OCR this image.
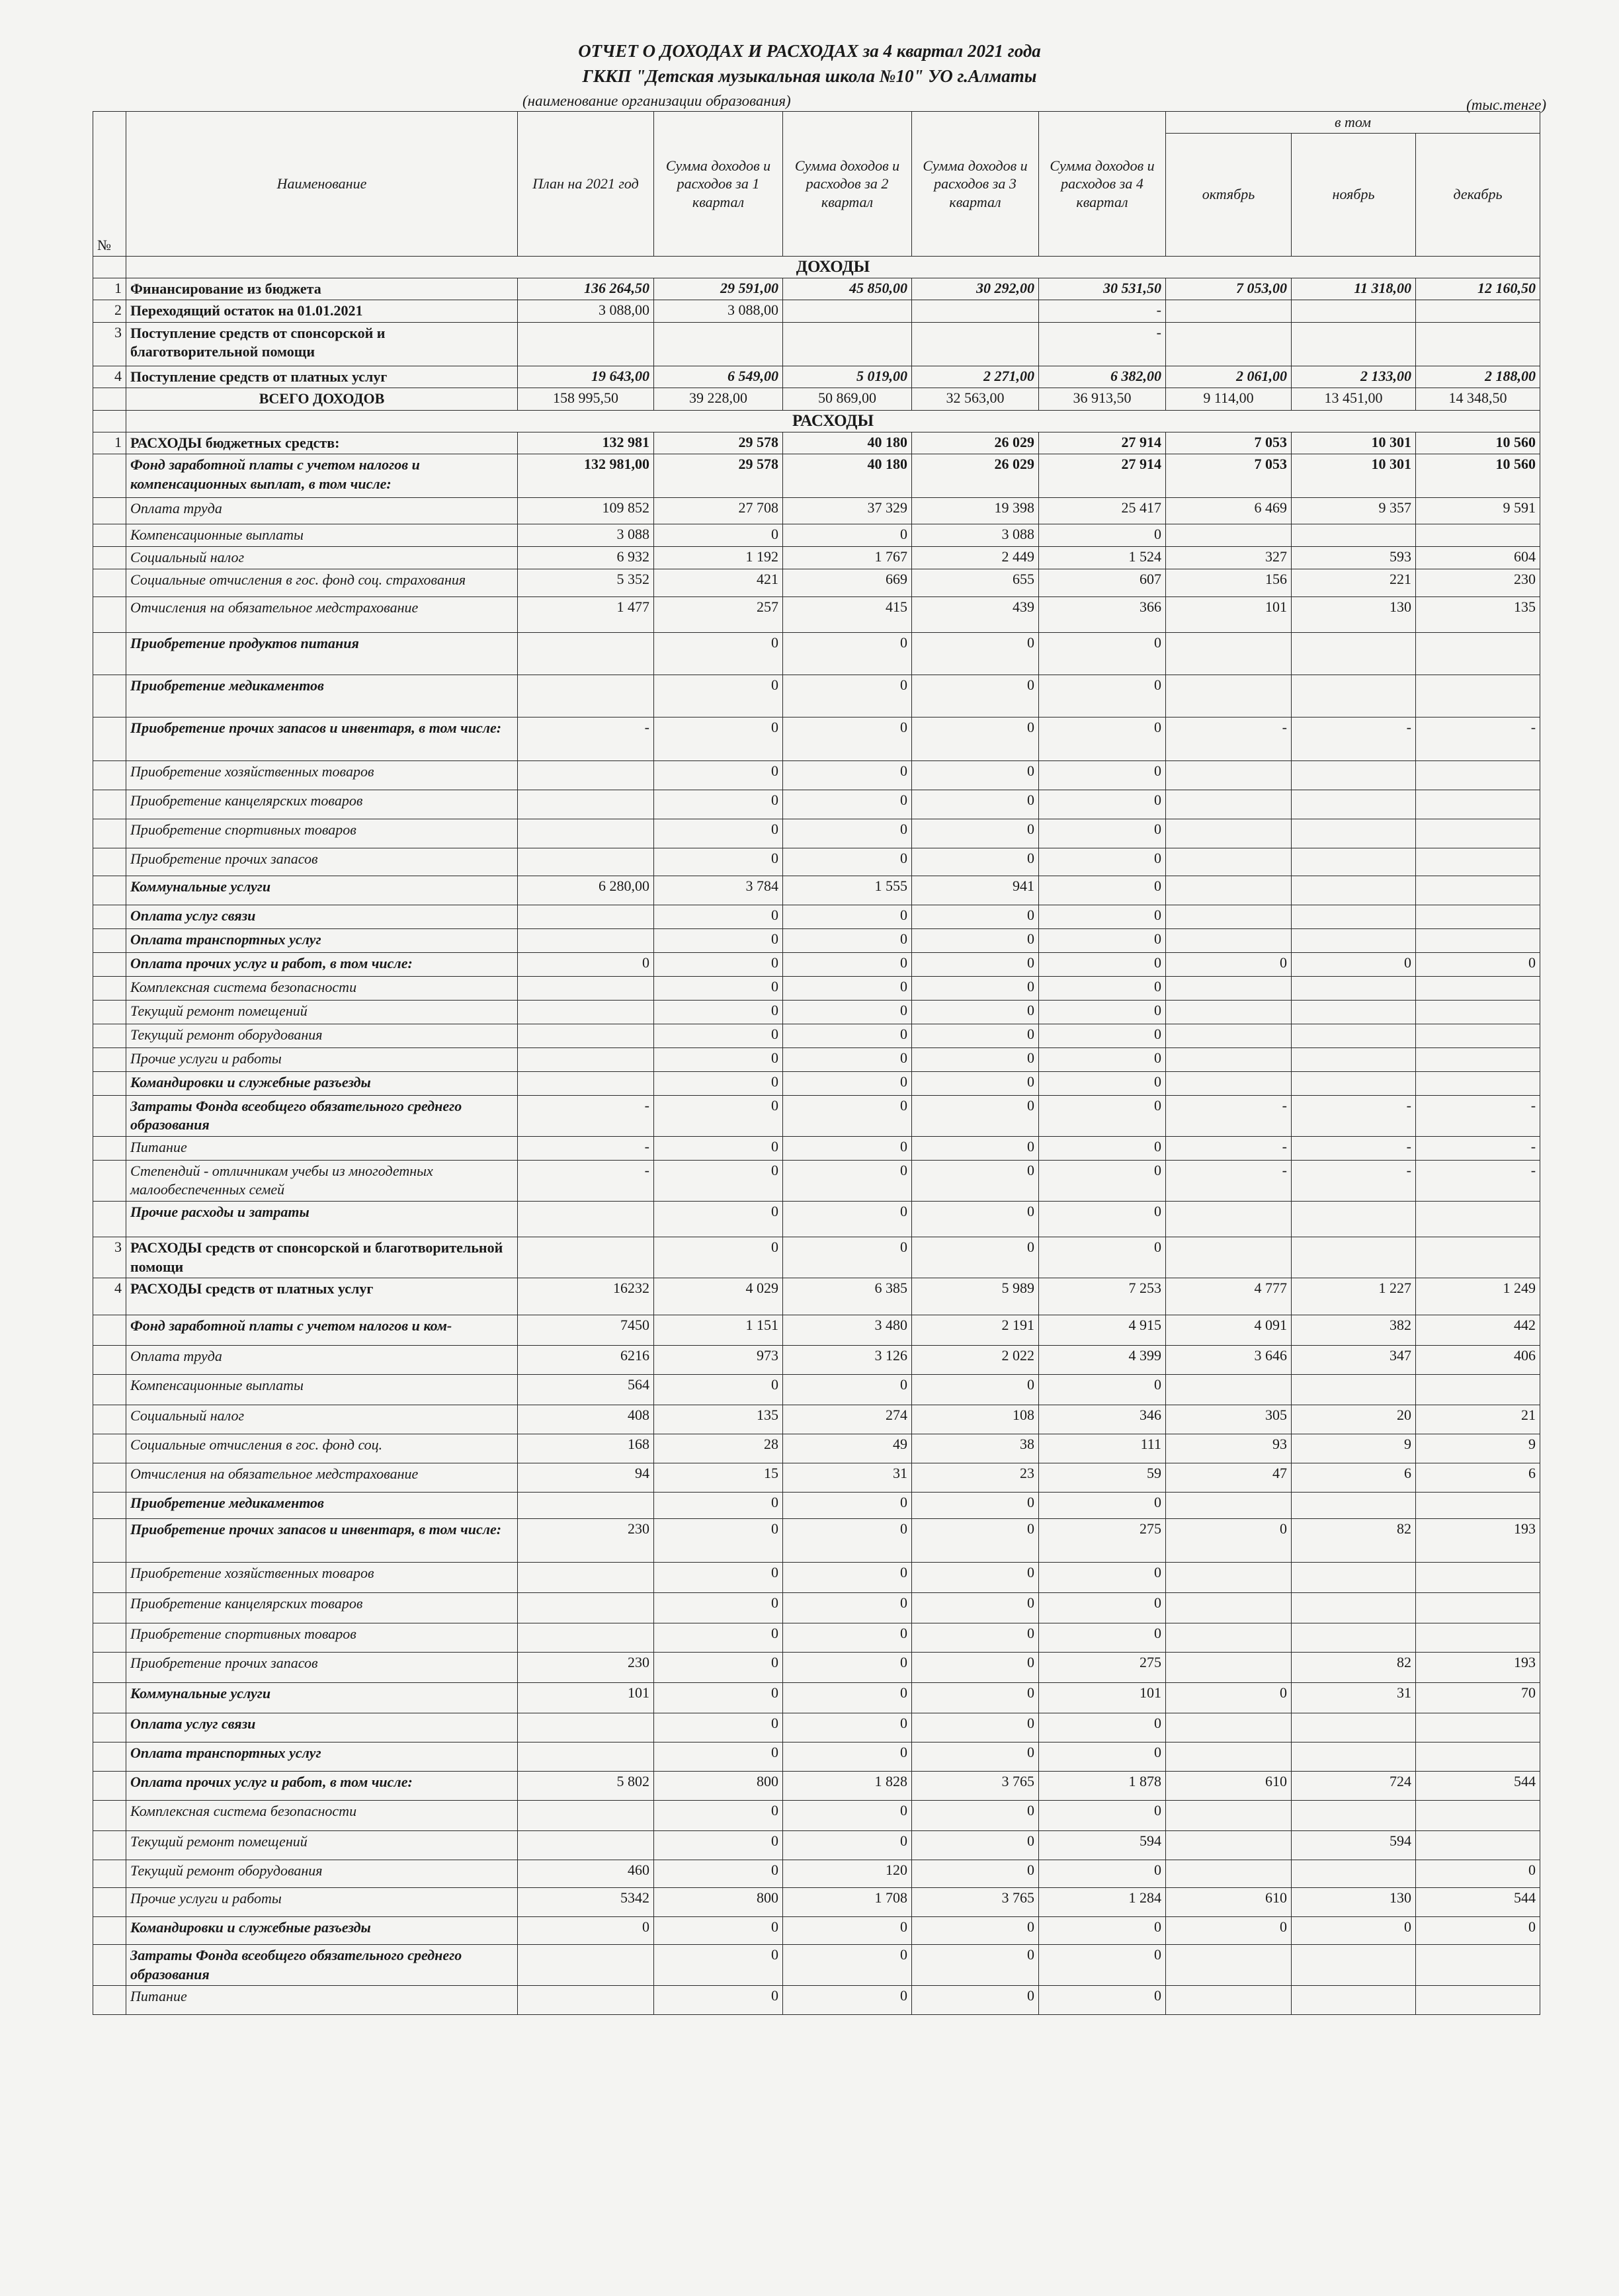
ОТЧЕТ О ДОХОДАХ И РАСХОДАХ за 4 квартал 2021 года
ГККП "Детская музыкальная школа №10" УО г.Алматы
(наименование организации образования)	(тыс.тенге)
№	Наименование	План на 2021 год	Сумма доходов и расходов за 1 квартал	Сумма доходов и расходов за 2 квартал	Сумма доходов и расходов за 3 квартал	Сумма доходов и расходов за 4 квартал	в том		
							октябрь	ноябрь	декабрь
	ДОХОДЫ								
1	Финансирование из бюджета	136 264,50	29 591,00	45 850,00	30 292,00	30 531,50	7 053,00	11 318,00	12 160,50
2	Переходящий остаток на 01.01.2021	3 088,00	3 088,00			-			
3	Поступление средств от спонсорской и благотворительной помощи					-			
4	Поступление средств от платных услуг	19 643,00	6 549,00	5 019,00	2 271,00	6 382,00	2 061,00	2 133,00	2 188,00
	ВСЕГО ДОХОДОВ	158 995,50	39 228,00	50 869,00	32 563,00	36 913,50	9 114,00	13 451,00	14 348,50
	РАСХОДЫ								
1	РАСХОДЫ бюджетных средств:	132 981	29 578	40 180	26 029	27 914	7 053	10 301	10 560
	Фонд заработной платы с учетом налогов и компенсационных выплат, в том числе:	132 981,00	29 578	40 180	26 029	27 914	7 053	10 301	10 560
	Оплата труда	109 852	27 708	37 329	19 398	25 417	6 469	9 357	9 591
	Компенсационные выплаты	3 088	0	0	3 088	0			
	Социальный налог	6 932	1 192	1 767	2 449	1 524	327	593	604
	Социальные отчисления в гос. фонд соц. страхования	5 352	421	669	655	607	156	221	230
	Отчисления на обязательное медстрахование	1 477	257	415	439	366	101	130	135
	Приобретение продуктов питания		0	0	0	0			
	Приобретение медикаментов		0	0	0	0			
	Приобретение прочих запасов и инвентаря, в том числе:	-	0	0	0	0	-	-	-
	Приобретение хозяйственных товаров		0	0	0	0			
	Приобретение канцелярских товаров		0	0	0	0			
	Приобретение спортивных товаров		0	0	0	0			
	Приобретение прочих запасов		0	0	0	0			
	Коммунальные услуги	6 280,00	3 784	1 555	941	0			
	Оплата услуг связи		0	0	0	0			
	Оплата транспортных услуг		0	0	0	0			
	Оплата прочих услуг и работ, в том числе:	0	0	0	0	0	0	0	0
	Комплексная система безопасности		0	0	0	0			
	Текущий ремонт помещений		0	0	0	0			
	Текущий ремонт оборудования		0	0	0	0			
	Прочие услуги и работы		0	0	0	0			
	Командировки и служебные разъезды		0	0	0	0			
	Затраты Фонда всеобщего обязательного среднего образования	-	0	0	0	0	-	-	-
	Питание	-	0	0	0	0	-	-	-
	Степендий - отличникам учебы из многодетных малообеспеченных семей	-	0	0	0	0	-	-	-
	Прочие расходы и затраты		0	0	0	0			
3	РАСХОДЫ средств от спонсорской и благотворительной помощи		0	0	0	0			
4	РАСХОДЫ средств от платных услуг	16232	4 029	6 385	5 989	7 253	4 777	1 227	1 249
	Фонд заработной платы с учетом налогов и ком-	7450	1 151	3 480	2 191	4 915	4 091	382	442
	Оплата труда	6216	973	3 126	2 022	4 399	3 646	347	406
	Компенсационные выплаты	564	0	0	0	0			
	Социальный налог	408	135	274	108	346	305	20	21
	Социальные отчисления в гос. фонд соц.	168	28	49	38	111	93	9	9
	Отчисления на обязательное медстрахование	94	15	31	23	59	47	6	6
	Приобретение медикаментов		0	0	0	0			
	Приобретение прочих запасов и инвентаря, в том числе:	230	0	0	0	275	0	82	193
	Приобретение хозяйственных товаров		0	0	0	0			
	Приобретение канцелярских товаров		0	0	0	0			
	Приобретение спортивных товаров		0	0	0	0			
	Приобретение прочих запасов	230	0	0	0	275		82	193
	Коммунальные услуги	101	0	0	0	101	0	31	70
	Оплата услуг связи		0	0	0	0			
	Оплата транспортных услуг		0	0	0	0			
	Оплата прочих услуг и работ, в том числе:	5 802	800	1 828	3 765	1 878	610	724	544
	Комплексная система безопасности		0	0	0	0			
	Текущий ремонт помещений		0	0	0	594		594	
	Текущий ремонт оборудования	460	0	120	0	0			0
	Прочие услуги и работы	5342	800	1 708	3 765	1 284	610	130	544
	Командировки и служебные разъезды	0	0	0	0	0	0	0	0
	Затраты Фонда всеобщего обязательного среднего образования		0	0	0	0			
	Питание		0	0	0	0			
